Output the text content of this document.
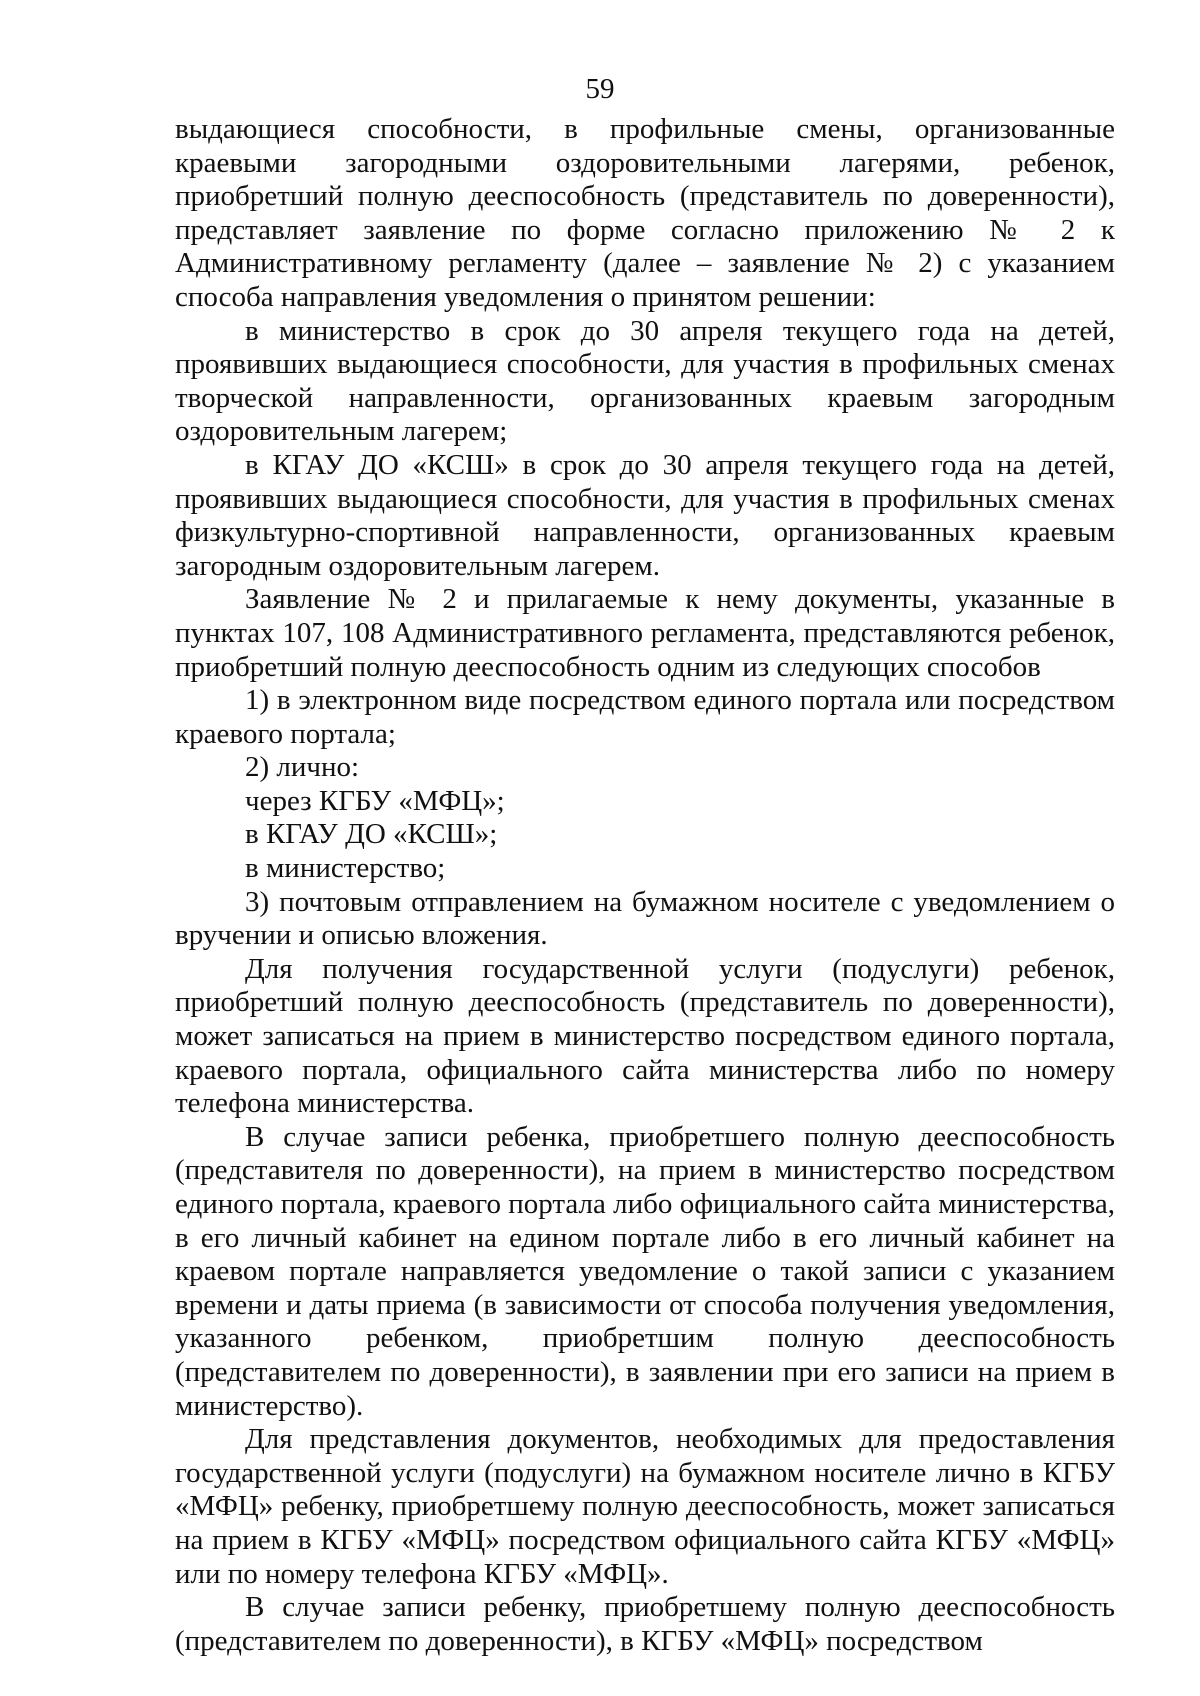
59

выдающиеся способности, в профильные смены, организованные краевыми загородными оздоровительными лагерями, ребенок, приобретший полную дееспособность (представитель по доверенности), представляет заявление по форме согласно приложению № 2 к Административному регламенту (далее – заявление № 2) с указанием способа направления уведомления о принятом решении:

в министерство в срок до 30 апреля текущего года на детей, проявивших выдающиеся способности, для участия в профильных сменах творческой направленности, организованных краевым загородным оздоровительным лагерем;

в КГАУ ДО «КСШ» в срок до 30 апреля текущего года на детей, проявивших выдающиеся способности, для участия в профильных сменах физкультурно-спортивной направленности, организованных краевым загородным оздоровительным лагерем.

Заявление № 2 и прилагаемые к нему документы, указанные в пунктах 107, 108 Административного регламента, представляются ребенок, приобретший полную дееспособность одним из следующих способов

1) в электронном виде посредством единого портала или посредством краевого портала;

2) лично:

через КГБУ «МФЦ»;

в КГАУ ДО «КСШ»;

в министерство;

3) почтовым отправлением на бумажном носителе с уведомлением о вручении и описью вложения.

Для получения государственной услуги (подуслуги) ребенок, приобретший полную дееспособность (представитель по доверенности), может записаться на прием в министерство посредством единого портала, краевого портала, официального сайта министерства либо по номеру телефона министерства.

В случае записи ребенка, приобретшего полную дееспособность (представителя по доверенности), на прием в министерство посредством единого портала, краевого портала либо официального сайта министерства, в его личный кабинет на едином портале либо в его личный кабинет на краевом портале направляется уведомление о такой записи с указанием времени и даты приема (в зависимости от способа получения уведомления, указанного ребенком, приобретшим полную дееспособность (представителем по доверенности), в заявлении при его записи на прием в министерство).

Для представления документов, необходимых для предоставления государственной услуги (подуслуги) на бумажном носителе лично в КГБУ «МФЦ» ребенку, приобретшему полную дееспособность, может записаться на прием в КГБУ «МФЦ» посредством официального сайта КГБУ «МФЦ» или по номеру телефона КГБУ «МФЦ».

В случае записи ребенку, приобретшему полную дееспособность (представителем по доверенности), в КГБУ «МФЦ» посредством
